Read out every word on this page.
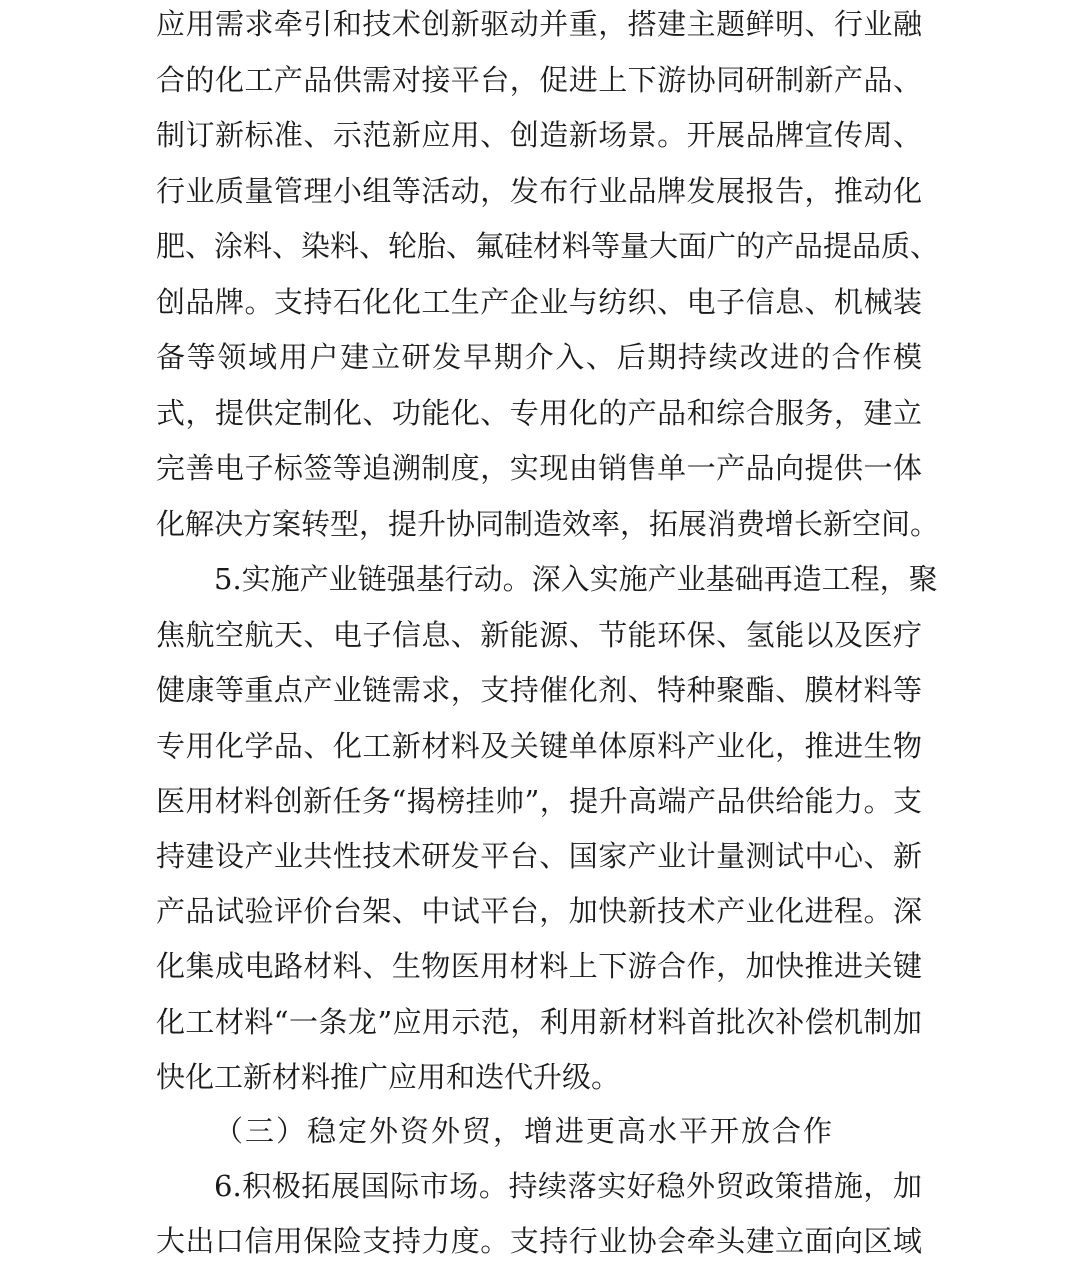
应用需求牵引和技术创新驱动并重，搭建主题鲜明、行业融
合的化工产品供需对接平台，促进上下游协同研制新产品、
制订新标准、示范新应用、创造新场景。开展品牌宣传周、
行业质量管理小组等活动，发布行业品牌发展报告，推动化
肥、涂料、染料、轮胎、氟硅材料等量大面广的产品提品质、
创品牌。支持石化化工生产企业与纺织、电子信息、机械装
备等领域用户建立研发早期介入、后期持续改进的合作模
式，提供定制化、功能化、专用化的产品和综合服务，建立
完善电子标签等追溯制度，实现由销售单一产品向提供一体
化解决方案转型，提升协同制造效率，拓展消费增长新空间。
5.实施产业链强基行动。深入实施产业基础再造工程，聚
焦航空航天、电子信息、新能源、节能环保、氢能以及医疗
健康等重点产业链需求，支持催化剂、特种聚酯、膜材料等
专用化学品、化工新材料及关键单体原料产业化，推进生物
医用材料创新任务“揭榜挂帅”，提升高端产品供给能力。支
持建设产业共性技术研发平台、国家产业计量测试中心、新
产品试验评价台架、中试平台，加快新技术产业化进程。深
化集成电路材料、生物医用材料上下游合作，加快推进关键
化工材料“一条龙”应用示范，利用新材料首批次补偿机制加
快化工新材料推广应用和迭代升级。
（三）稳定外资外贸，增进更高水平开放合作
6.积极拓展国际市场。持续落实好稳外贸政策措施，加
大出口信用保险支持力度。支持行业协会牵头建立面向区域
